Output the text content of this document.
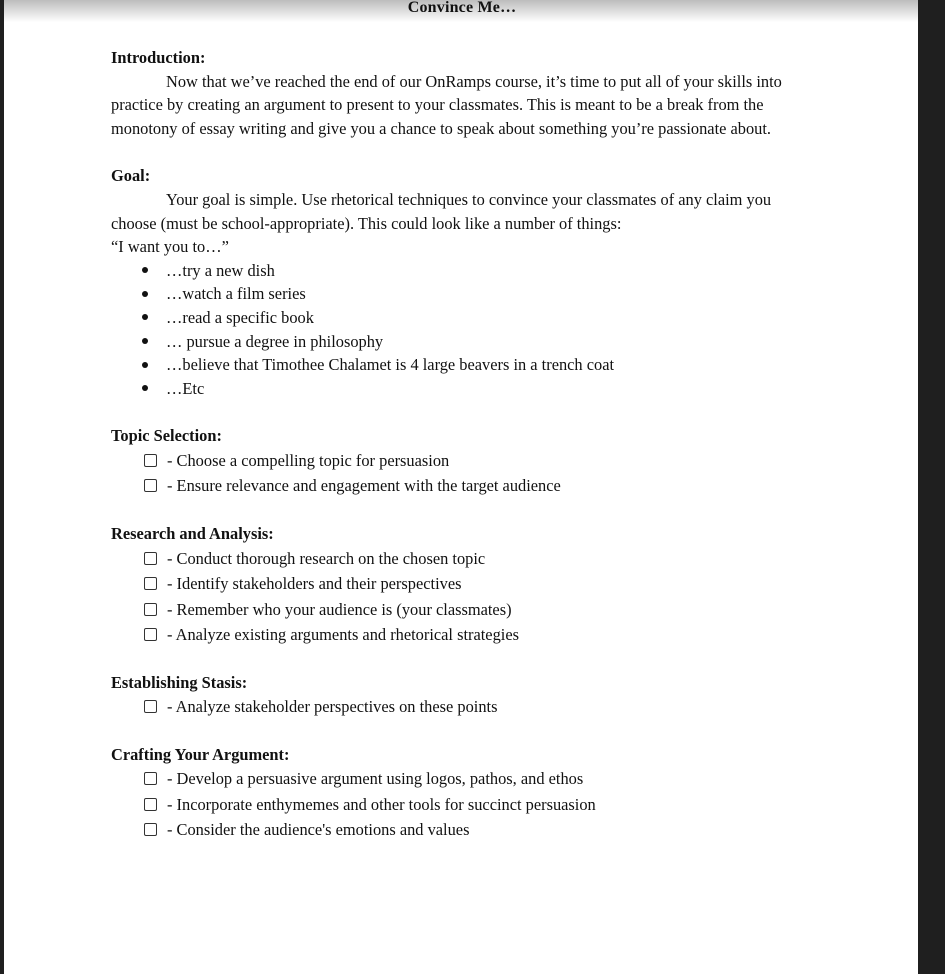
Convince Me…
Introduction:

Now that we’ve reached the end of our OnRamps course, it’s time to put all of your skills into practice by creating an argument to present to your classmates. This is meant to be a break from the monotony of essay writing and give you a chance to speak about something you’re passionate about.

Goal:

Your goal is simple. Use rhetorical techniques to convince your classmates of any claim you choose (must be school-appropriate). This could look like a number of things:

“I want you to…”

…try a new dish
…watch a film series
…read a specific book
… pursue a degree in philosophy
…believe that Timothee Chalamet is 4 large beavers in a trench coat
…Etc
Topic Selection:
- Choose a compelling topic for persuasion
- Ensure relevance and engagement with the target audience
Research and Analysis:
- Conduct thorough research on the chosen topic
- Identify stakeholders and their perspectives
- Remember who your audience is (your classmates)
- Analyze existing arguments and rhetorical strategies
Establishing Stasis:
- Analyze stakeholder perspectives on these points
Crafting Your Argument:
- Develop a persuasive argument using logos, pathos, and ethos
- Incorporate enthymemes and other tools for succinct persuasion
- Consider the audience's emotions and values
